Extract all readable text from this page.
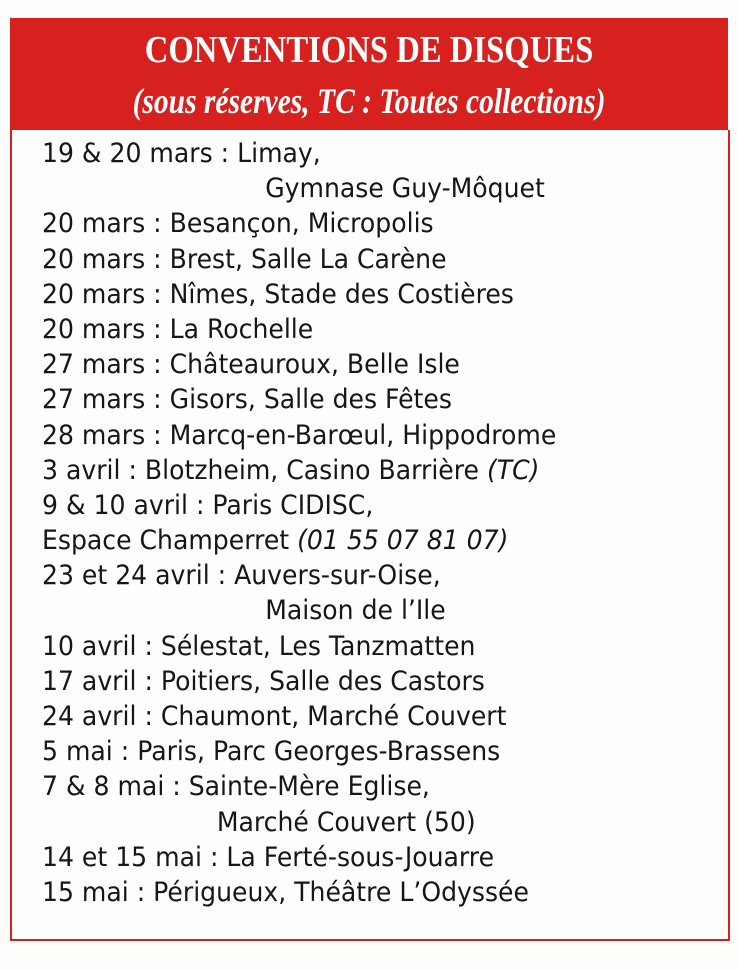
CONVENTIONS DE DISQUES
(sous réserves, TC : Toutes collections)
19 & 20 mars : Limay,
Gymnase Guy-Môquet
20 mars : Besançon, Micropolis
20 mars : Brest, Salle La Carène
20 mars : Nîmes, Stade des Costières
20 mars : La Rochelle
27 mars : Châteauroux, Belle Isle
27 mars : Gisors, Salle des Fêtes
28 mars : Marcq-en-Barœul, Hippodrome
3 avril : Blotzheim, Casino Barrière (TC)
9 & 10 avril : Paris CIDISC,
Espace Champerret (01 55 07 81 07)
23 et 24 avril : Auvers-sur-Oise,
Maison de l’Ile
10 avril : Sélestat, Les Tanzmatten
17 avril : Poitiers, Salle des Castors
24 avril : Chaumont, Marché Couvert
5 mai : Paris, Parc Georges-Brassens
7 & 8 mai : Sainte-Mère Eglise,
Marché Couvert (50)
14 et 15 mai : La Ferté-sous-Jouarre
15 mai : Périgueux, Théâtre L’Odyssée
